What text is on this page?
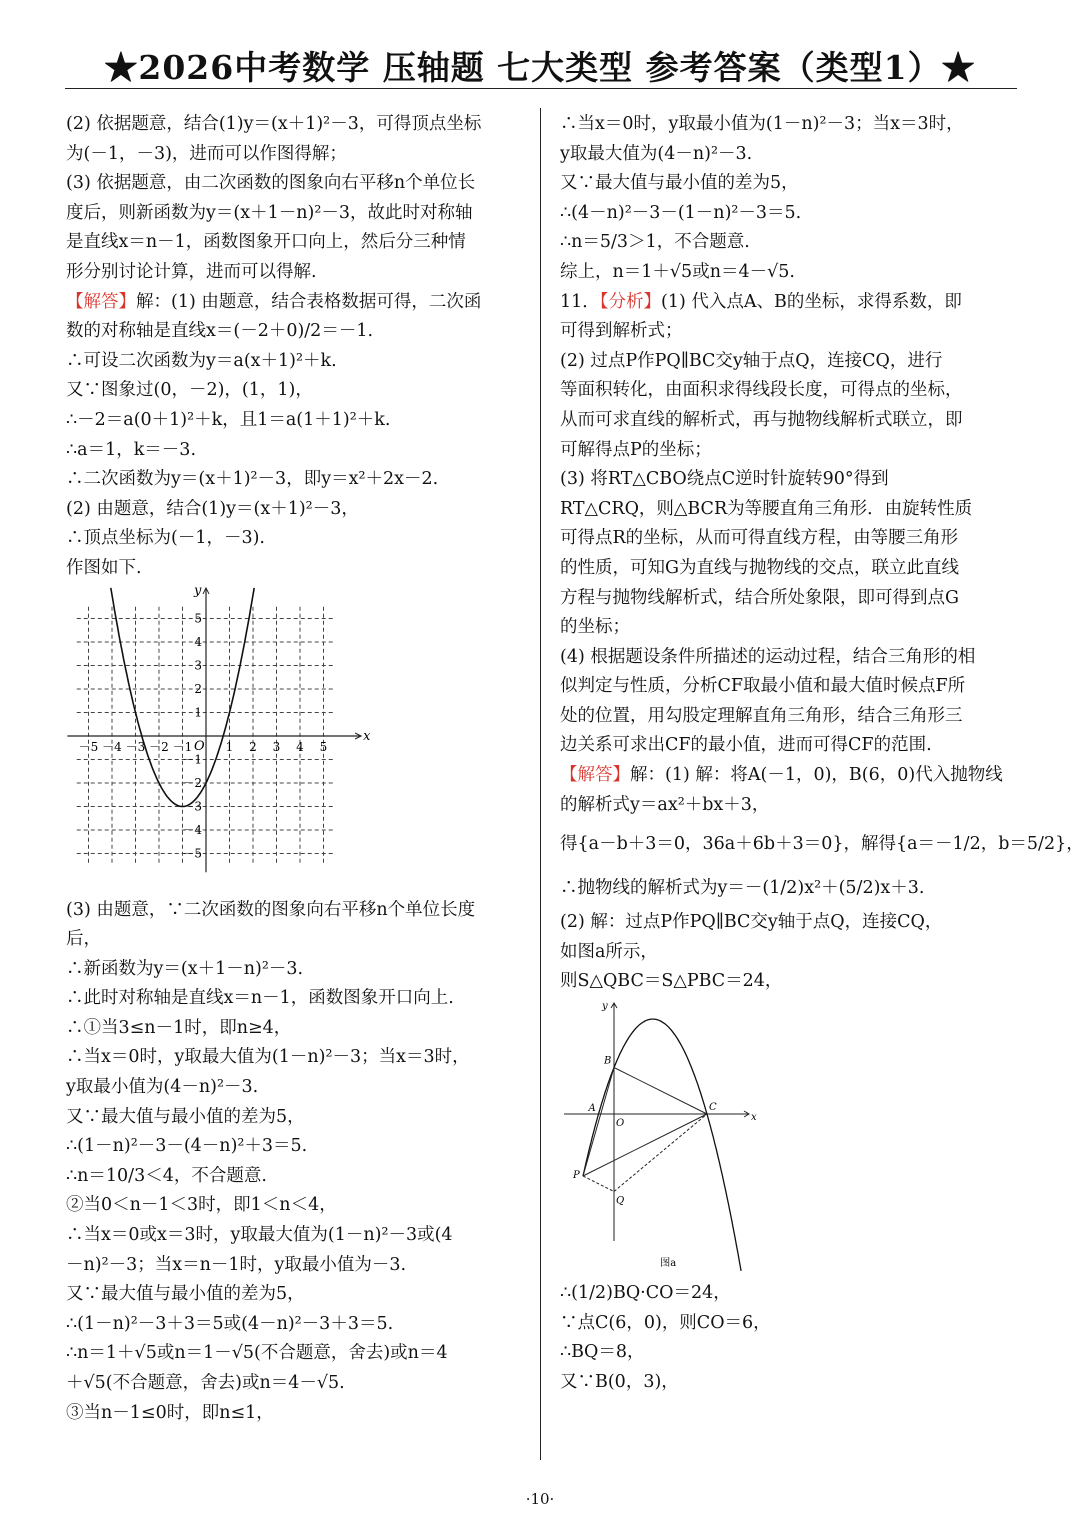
★2026中考数学 压轴题 七大类型 参考答案（类型1）★
(2) 依据题意，结合(1)y＝(x＋1)²－3，可得顶点坐标
为(－1，－3)，进而可以作图得解；
(3) 依据题意，由二次函数的图象向右平移n个单位长
度后，则新函数为y＝(x＋1－n)²－3，故此时对称轴
是直线x＝n－1，函数图象开口向上，然后分三种情
形分别讨论计算，进而可以得解.
【解答】解：(1) 由题意，结合表格数据可得，二次函
数的对称轴是直线x＝(－2＋0)/2＝－1.
∴可设二次函数为y＝a(x＋1)²＋k.
又∵图象过(0，－2)，(1，1)，
∴－2＝a(0＋1)²＋k，且1＝a(1＋1)²＋k.
∴a＝1，k＝－3.
∴二次函数为y＝(x＋1)²－3，即y＝x²＋2x－2.
(2) 由题意，结合(1)y＝(x＋1)²－3，
∴顶点坐标为(－1，－3).
作图如下.
x
y
O
－5 －4 －3 －2 －1	1 2 3 4 5
5
4
3
2
1
－1
－2
－3
－4
－5
(3) 由题意，∵二次函数的图象向右平移n个单位长度
后，
∴新函数为y＝(x＋1－n)²－3.
∴此时对称轴是直线x＝n－1，函数图象开口向上.
∴①当3≤n－1时，即n≥4，
∴当x＝0时，y取最大值为(1－n)²－3；当x＝3时，
y取最小值为(4－n)²－3.
又∵最大值与最小值的差为5，
∴(1－n)²－3－(4－n)²＋3＝5.
∴n＝10/3＜4，不合题意.
②当0＜n－1＜3时，即1＜n＜4，
∴当x＝0或x＝3时，y取最大值为(1－n)²－3或(4
－n)²－3；当x＝n－1时，y取最小值为－3.
又∵最大值与最小值的差为5，
∴(1－n)²－3＋3＝5或(4－n)²－3＋3＝5.
∴n＝1＋√5或n＝1－√5(不合题意，舍去)或n＝4
＋√5(不合题意，舍去)或n＝4－√5.
③当n－1≤0时，即n≤1，
∴当x＝0时，y取最小值为(1－n)²－3；当x＝3时，
y取最大值为(4－n)²－3.
又∵最大值与最小值的差为5，
∴(4－n)²－3－(1－n)²－3＝5.
∴n＝5/3＞1，不合题意.
综上，n＝1＋√5或n＝4－√5.
11．【分析】(1) 代入点A、B的坐标，求得系数，即
可得到解析式；
(2) 过点P作PQ∥BC交y轴于点Q，连接CQ，进行
等面积转化，由面积求得线段长度，可得点的坐标，
从而可求直线的解析式，再与抛物线解析式联立，即
可解得点P的坐标；
(3) 将RT△CBO绕点C逆时针旋转90°得到
RT△CRQ，则△BCR为等腰直角三角形．由旋转性质
可得点R的坐标，从而可得直线方程，由等腰三角形
的性质，可知G为直线与抛物线的交点，联立此直线
方程与抛物线解析式，结合所处象限，即可得到点G
的坐标；
(4) 根据题设条件所描述的运动过程，结合三角形的相
似判定与性质，分析CF取最小值和最大值时候点F所
处的位置，用勾股定理解直角三角形，结合三角形三
边关系可求出CF的最小值，进而可得CF的范围.
【解答】解：(1) 解：将A(－1，0)，B(6，0)代入抛物线
的解析式y＝ax²＋bx＋3，
得{a－b＋3＝0，36a＋6b＋3＝0}，解得{a＝－1/2，b＝5/2}，
∴抛物线的解析式为y＝－(1/2)x²＋(5/2)x＋3.
(2) 解：过点P作PQ∥BC交y轴于点Q，连接CQ，
如图a所示，
则S△QBC＝S△PBC＝24，
x
y
A
O
B
C
P
Q
图a
∴(1/2)BQ·CO＝24，
∵点C(6，0)，则CO＝6，
∴BQ＝8，
又∵B(0，3)，
·10·
